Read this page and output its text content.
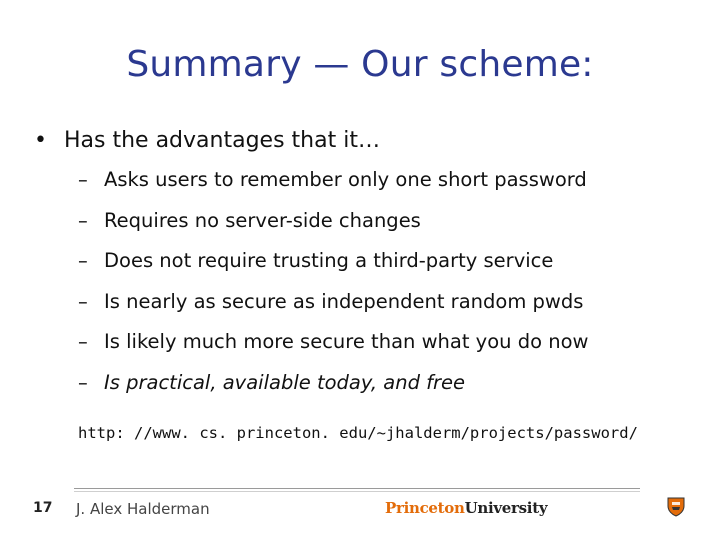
Summary — Our scheme:
• Has the advantages that it…
– Asks users to remember only one short password
– Requires no server-side changes
– Does not require trusting a third-party service
– Is nearly as secure as independent random pwds
– Is likely much more secure than what you do now
– Is practical, available today, and free
http: //www. cs. princeton. edu/~jhalderm/projects/password/
17 J. Alex Halderman	PrincetonUniversity
